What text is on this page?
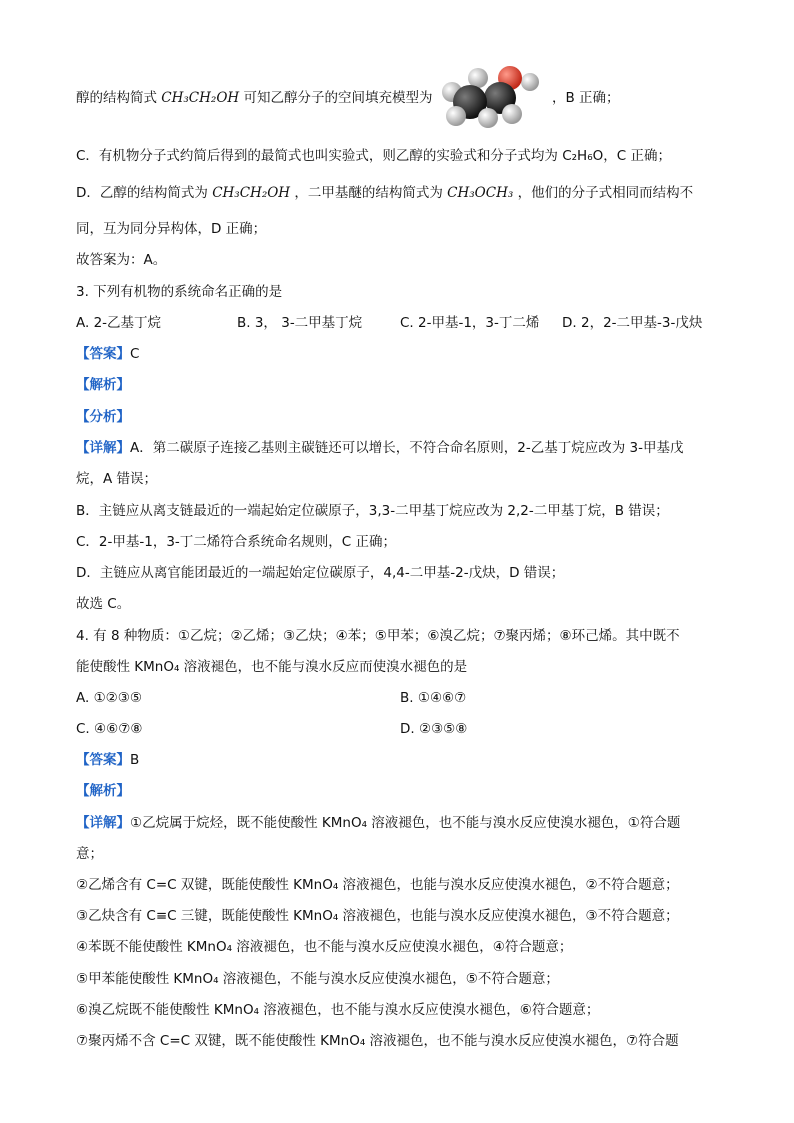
醇的结构简式 CH₃CH₂OH 可知乙醇分子的空间填充模型为	，B 正确；
C．有机物分子式约简后得到的最简式也叫实验式，则乙醇的实验式和分子式均为 C₂H₆O，C 正确；
D．乙醇的结构简式为 CH₃CH₂OH ，二甲基醚的结构简式为 CH₃OCH₃ ，他们的分子式相同而结构不
同，互为同分异构体，D 正确；
故答案为：A。
3. 下列有机物的系统命名正确的是
A. 2-乙基丁烷	B. 3， 3-二甲基丁烷	C. 2-甲基-1，3-丁二烯 D. 2，2-二甲基-3-戊炔
【答案】C
【解析】
【分析】
【详解】A．第二碳原子连接乙基则主碳链还可以增长，不符合命名原则，2-乙基丁烷应改为 3-甲基戊
烷，A 错误；
B．主链应从离支链最近的一端起始定位碳原子，3,3-二甲基丁烷应改为 2,2-二甲基丁烷，B 错误；
C．2-甲基-1，3-丁二烯符合系统命名规则，C 正确；
D．主链应从离官能团最近的一端起始定位碳原子，4,4-二甲基-2-戊炔，D 错误；
故选 C。
4. 有 8 种物质：①乙烷；②乙烯；③乙炔；④苯；⑤甲苯；⑥溴乙烷；⑦聚丙烯；⑧环己烯。其中既不
能使酸性 KMnO₄ 溶液褪色，也不能与溴水反应而使溴水褪色的是
A. ①②③⑤	B. ①④⑥⑦
C. ④⑥⑦⑧	D. ②③⑤⑧
【答案】B
【解析】
【详解】①乙烷属于烷烃，既不能使酸性 KMnO₄ 溶液褪色，也不能与溴水反应使溴水褪色，①符合题
意；
②乙烯含有 C=C 双键，既能使酸性 KMnO₄ 溶液褪色，也能与溴水反应使溴水褪色，②不符合题意；
③乙炔含有 C≡C 三键，既能使酸性 KMnO₄ 溶液褪色，也能与溴水反应使溴水褪色，③不符合题意；
④苯既不能使酸性 KMnO₄ 溶液褪色，也不能与溴水反应使溴水褪色，④符合题意；
⑤甲苯能使酸性 KMnO₄ 溶液褪色，不能与溴水反应使溴水褪色，⑤不符合题意；
⑥溴乙烷既不能使酸性 KMnO₄ 溶液褪色，也不能与溴水反应使溴水褪色，⑥符合题意；
⑦聚丙烯不含 C=C 双键，既不能使酸性 KMnO₄ 溶液褪色，也不能与溴水反应使溴水褪色，⑦符合题
